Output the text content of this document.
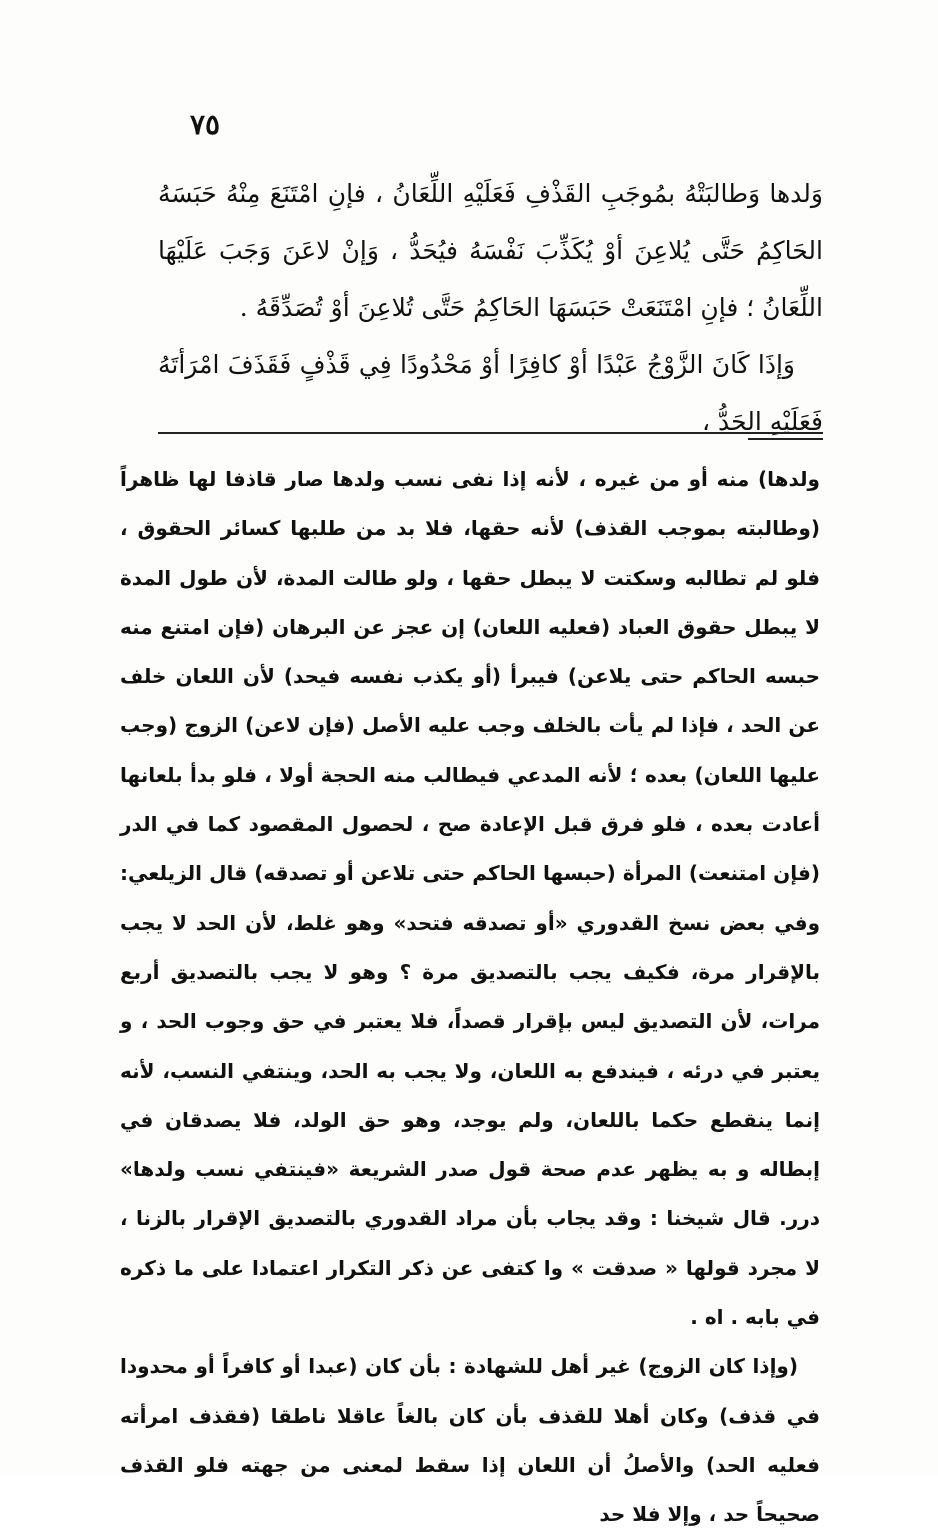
٧٥

وَلدها وَطالبَتْهُ بمُوجَبِ القَذْفِ فَعَلَيْهِ اللِّعَانُ ، فإنِ امْتَنَعَ مِنْهُ حَبَسَهُ الحَاكِمُ حَتَّى يُلاعِنَ أوْ يُكَذِّبَ نَفْسَهُ فيُحَدُّ ، وَإنْ لاعَنَ وَجَبَ عَلَيْهَا اللِّعَانُ ؛ فإنِ امْتَنَعَتْ حَبَسَهَا الحَاكِمُ حَتَّى تُلاعِنَ أوْ تُصَدِّقَهُ .

وَإذَا كَانَ الزَّوْجُ عَبْدًا أوْ كافِرًا أوْ مَحْدُودًا فِي قَذْفٍ فَقَذَفَ امْرَأتَهُ فَعَلَيْهِ الحَدُّ ،

ولدها) منه أو من غيره ، لأنه إذا نفى نسب ولدها صار قاذفا لها ظاهراً (وطالبته بموجب القذف) لأنه حقها، فلا بد من طلبها كسائر الحقوق ، فلو لم تطالبه وسكتت لا يبطل حقها ، ولو طالت المدة، لأن طول المدة لا يبطل حقوق العباد (فعليه اللعان) إن عجز عن البرهان (فإن امتنع منه حبسه الحاكم حتى يلاعن) فيبرأ (أو يكذب نفسه فيحد) لأن اللعان خلف عن الحد ، فإذا لم يأت بالخلف وجب عليه الأصل (فإن لاعن) الزوج (وجب عليها اللعان) بعده ؛ لأنه المدعي فيطالب منه الحجة أولا ، فلو بدأ بلعانها أعادت بعده ، فلو فرق قبل الإعادة صح ، لحصول المقصود كما في الدر (فإن امتنعت) المرأة (حبسها الحاكم حتى تلاعن أو تصدقه) قال الزيلعي: وفي بعض نسخ القدوري «أو تصدقه فتحد» وهو غلط، لأن الحد لا يجب بالإقرار مرة، فكيف يجب بالتصديق مرة ؟ وهو لا يجب بالتصديق أربع مرات، لأن التصديق ليس بإقرار قصداً، فلا يعتبر في حق وجوب الحد ، و يعتبر في درئه ، فيندفع به اللعان، ولا يجب به الحد، وينتفي النسب، لأنه إنما ينقطع حكما باللعان، ولم يوجد، وهو حق الولد، فلا يصدقان في إبطاله و به يظهر عدم صحة قول صدر الشريعة «فينتفي نسب ولدها» درر. قال شيخنا : وقد يجاب بأن مراد القدوري بالتصديق الإقرار بالزنا ، لا مجرد قولها « صدقت » وا كتفى عن ذكر التكرار اعتمادا على ما ذكره في بابه . اه .

(وإذا كان الزوج) غير أهل للشهادة : بأن كان (عبدا أو كافراً أو محدودا في قذف) وكان أهلا للقذف بأن كان بالغاً عاقلا ناطقا (فقذف امرأته فعليه الحد) والأصلُ أن اللعان إذا سقط لمعنى من جهته فلو القذف صحيحاً حد ، وإلا فلا حد
